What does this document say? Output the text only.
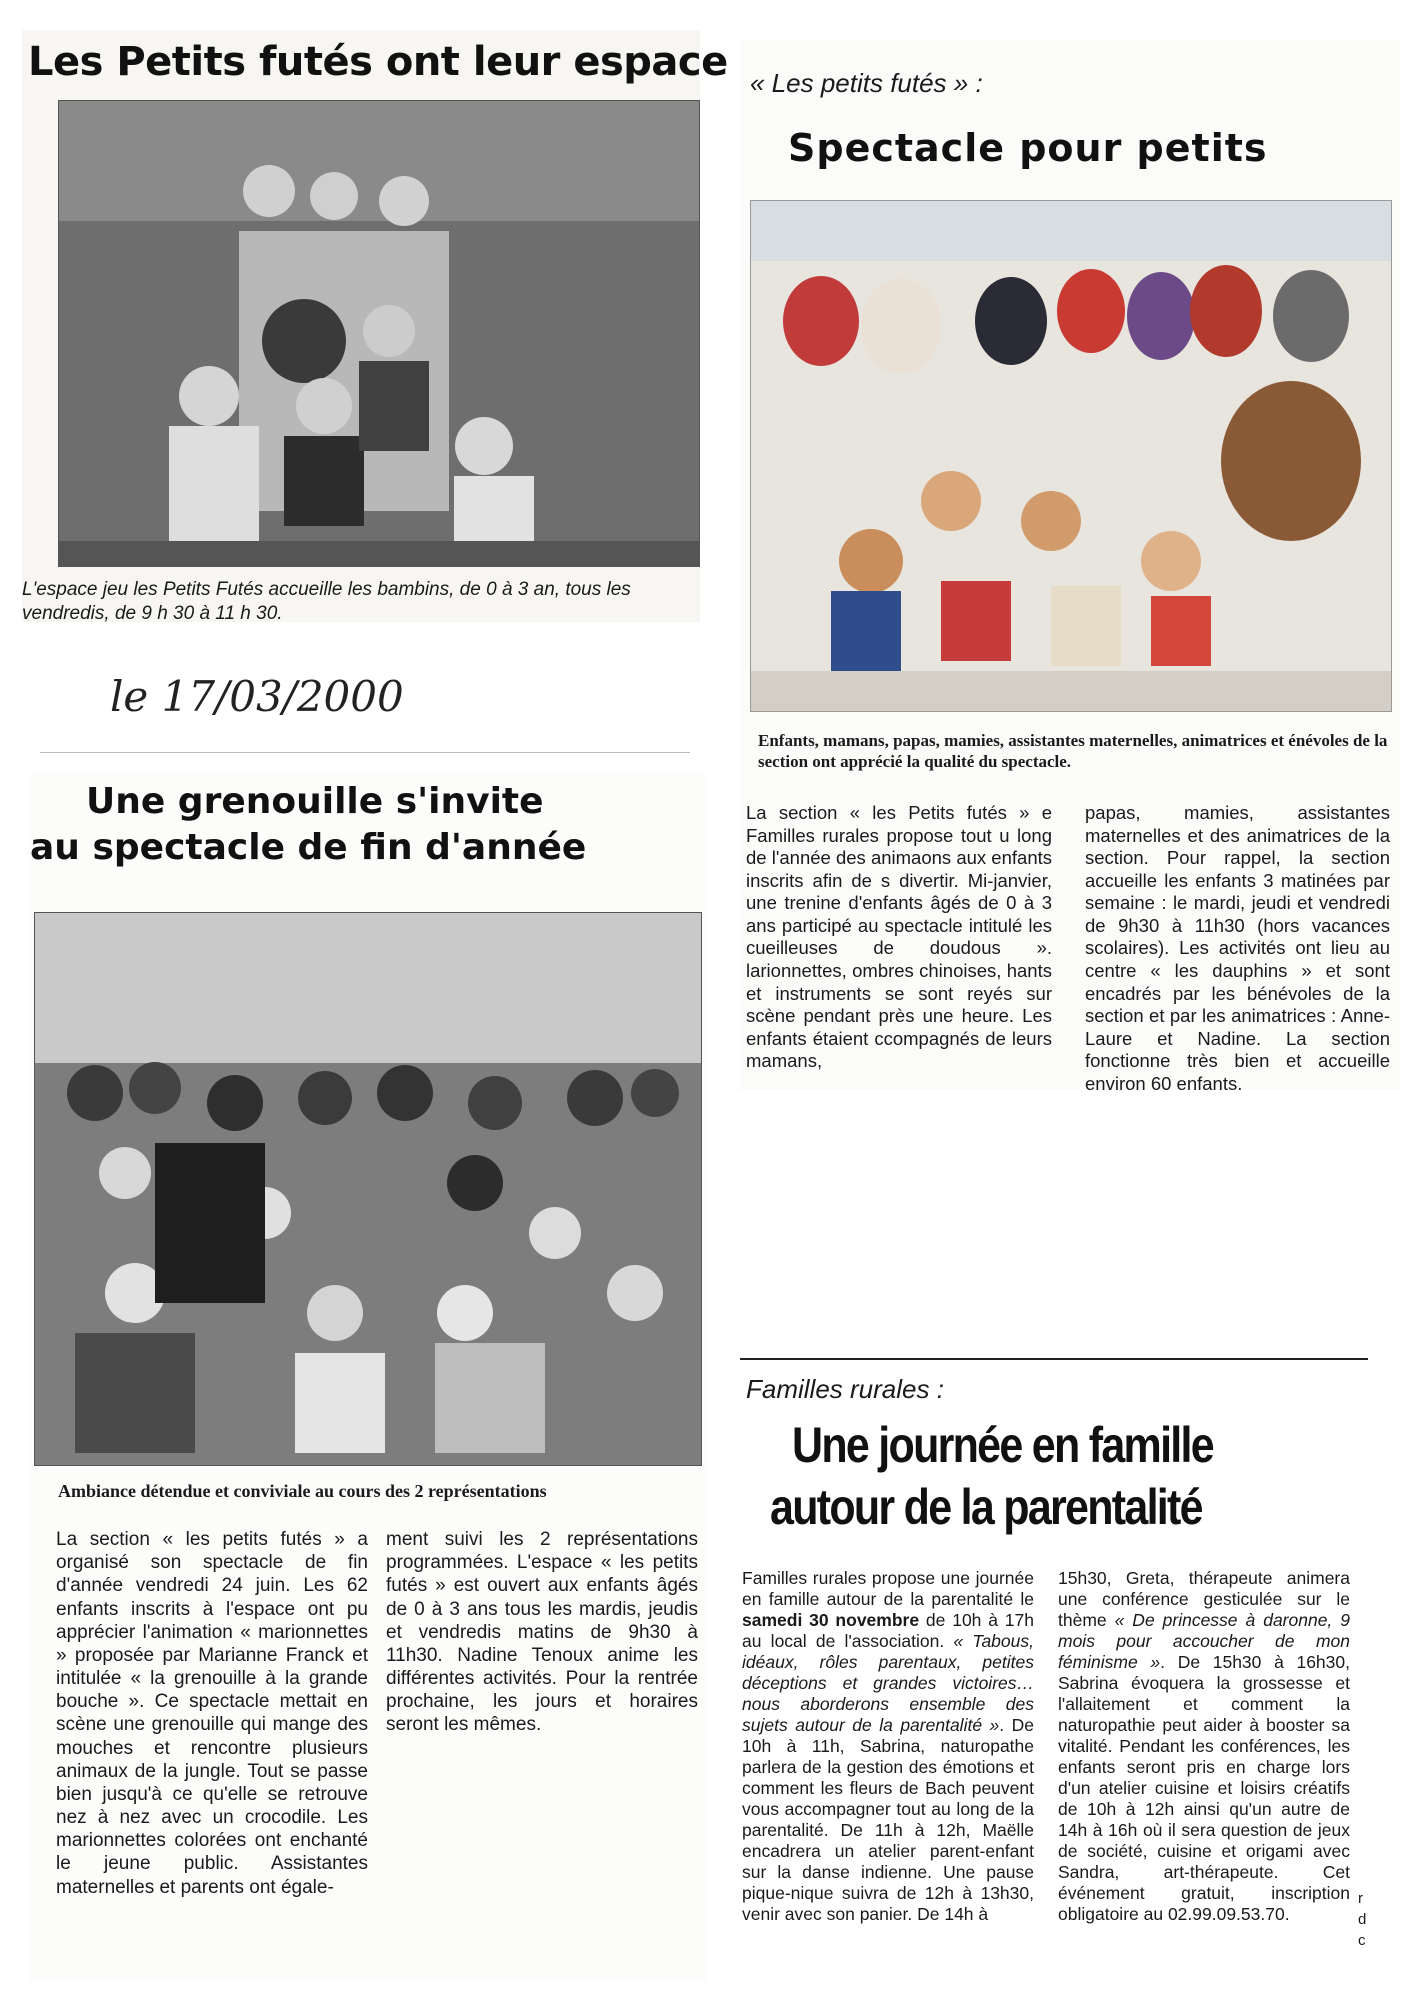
Les Petits futés ont leur espace
L'espace jeu les Petits Futés accueille les bambins, de 0 à 3 an, tous les vendredis, de 9 h 30 à 11 h 30.
« Les petits futés » :
Spectacle pour petits
Enfants, mamans, papas, mamies, assistantes maternelles, animatrices et énévoles de la section ont apprécié la qualité du spectacle.
La section « les Petits futés » e Familles rurales propose tout u long de l'année des animaons aux enfants inscrits afin de s divertir. Mi-janvier, une trenine d'enfants âgés de 0 à 3 ans participé au spectacle intitulé les cueilleuses de doudous ». larionnettes, ombres chinoises, hants et instruments se sont reyés sur scène pendant près une heure. Les enfants étaient ccompagnés de leurs mamans,
papas, mamies, assistantes maternelles et des animatrices de la section. Pour rappel, la section accueille les enfants 3 matinées par semaine : le mardi, jeudi et vendredi de 9h30 à 11h30 (hors vacances scolaires). Les activités ont lieu au centre « les dauphins » et sont encadrés par les bénévoles de la section et par les animatrices : Anne-Laure et Nadine. La section fonctionne très bien et accueille environ 60 enfants.
le 17/03/2000
Une grenouille s'invite
au spectacle de fin d'année
Ambiance détendue et conviviale au cours des 2 représentations
La section « les petits futés » a organisé son spectacle de fin d'année vendredi 24 juin. Les 62 enfants inscrits à l'espace ont pu apprécier l'animation « marionnettes » proposée par Marianne Franck et intitulée « la grenouille à la grande bouche ». Ce spectacle mettait en scène une grenouille qui mange des mouches et rencontre plusieurs animaux de la jungle. Tout se passe bien jusqu'à ce qu'elle se retrouve nez à nez avec un crocodile. Les marionnettes colorées ont enchanté le jeune public. Assistantes maternelles et parents ont égale-
ment suivi les 2 représentations programmées. L'espace « les petits futés » est ouvert aux enfants âgés de 0 à 3 ans tous les mardis, jeudis et vendredis matins de 9h30 à 11h30. Nadine Tenoux anime les différentes activités. Pour la rentrée prochaine, les jours et horaires seront les mêmes.
Familles rurales :
Une journée en famille
autour de la parentalité
Familles rurales propose une journée en famille autour de la parentalité le samedi 30 novembre de 10h à 17h au local de l'association. « Tabous, idéaux, rôles parentaux, petites déceptions et grandes victoires… nous aborderons ensemble des sujets autour de la parentalité ». De 10h à 11h, Sabrina, naturopathe parlera de la gestion des émotions et comment les fleurs de Bach peuvent vous accompagner tout au long de la parentalité. De 11h à 12h, Maëlle encadrera un atelier parent-enfant sur la danse indienne. Une pause pique-nique suivra de 12h à 13h30, venir avec son panier. De 14h à
15h30, Greta, thérapeute animera une conférence gesticulée sur le thème « De princesse à daronne, 9 mois pour accoucher de mon féminisme ». De 15h30 à 16h30, Sabrina évoquera la grossesse et l'allaitement et comment la naturopathie peut aider à booster sa vitalité. Pendant les conférences, les enfants seront pris en charge lors d'un atelier cuisine et loisirs créatifs de 10h à 12h ainsi qu'un autre de 14h à 16h où il sera question de jeux de société, cuisine et origami avec Sandra, art-thérapeute. Cet événement gratuit, inscription obligatoire au 02.99.09.53.70.
r d c
